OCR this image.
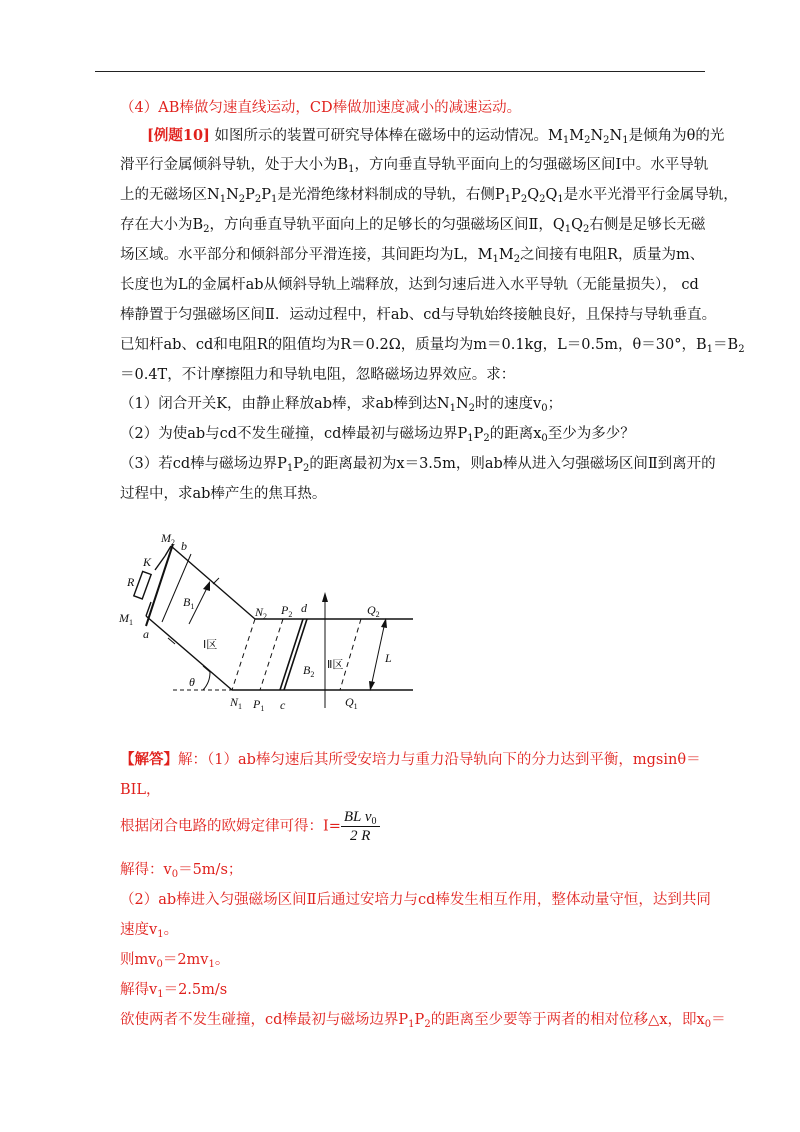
（4）AB棒做匀速直线运动，CD棒做加速度减小的减速运动。
[例题10] 如图所示的装置可研究导体棒在磁场中的运动情况。$M_1M_2N_2N_1$是倾角为θ的光
滑平行金属倾斜导轨，处于大小为$B_1$，方向垂直导轨平面向上的匀强磁场区间Ⅰ中。水平导轨
上的无磁场区$N_1N_2P_2P_1$是光滑绝缘材料制成的导轨，右侧$P_1P_2Q_2Q_1$是水平光滑平行金属导轨，
存在大小为$B_2$，方向垂直导轨平面向上的足够长的匀强磁场区间Ⅱ，$Q_1Q_2$右侧是足够长无磁
场区域。水平部分和倾斜部分平滑连接，其间距均为L，$M_1M_2$之间接有电阻R，质量为m、
长度也为L的金属杆ab从倾斜导轨上端释放，达到匀速后进入水平导轨（无能量损失）， cd
棒静置于匀强磁场区间Ⅱ．运动过程中，杆ab、cd与导轨始终接触良好，且保持与导轨垂直。
已知杆ab、cd和电阻R的阻值均为R＝0.2Ω，质量均为m＝0.1kg，L＝0.5m，θ＝30°，$B_1=B_2$
＝0.4T，不计摩擦阻力和导轨电阻，忽略磁场边界效应。求：
（1）闭合开关K，由静止释放ab棒，求ab棒到达$N_1N_2$时的速度$v_0$；
（2）为使ab与cd不发生碰撞，cd棒最初与磁场边界$P_1P_2$的距离$x_0$至少为多少？
（3）若cd棒与磁场边界$P_1P_2$的距离最初为x＝3.5m，则ab棒从进入匀强磁场区间Ⅱ到离开的
过程中，求ab棒产生的焦耳热。
$M_2$ b
K
R
$B_1$
$M_1$
a
$N_2$ $P_2$ d	$Q_2$
$B_2$
L
θ
$N_1$ $P_1$ c	$Q_1$
Ⅰ区
Ⅱ区
【解答】解：（1）ab棒匀速后其所受安培力与重力沿导轨向下的分力达到平衡，mgsinθ＝
BIL，
根据闭合电路的欧姆定律可得：$I= \frac{BL v_0}{2 R}$
解得：$v_0=5m/s$；
（2）ab棒进入匀强磁场区间Ⅱ后通过安培力与cd棒发生相互作用，整体动量守恒，达到共同
速度$v_1$。
则$mv_0=2mv_1$。
解得$v_1=2.5m/s$
欲使两者不发生碰撞，cd棒最初与磁场边界$P_1P_2$的距离至少要等于两者的相对位移△x，即$x_0=$
